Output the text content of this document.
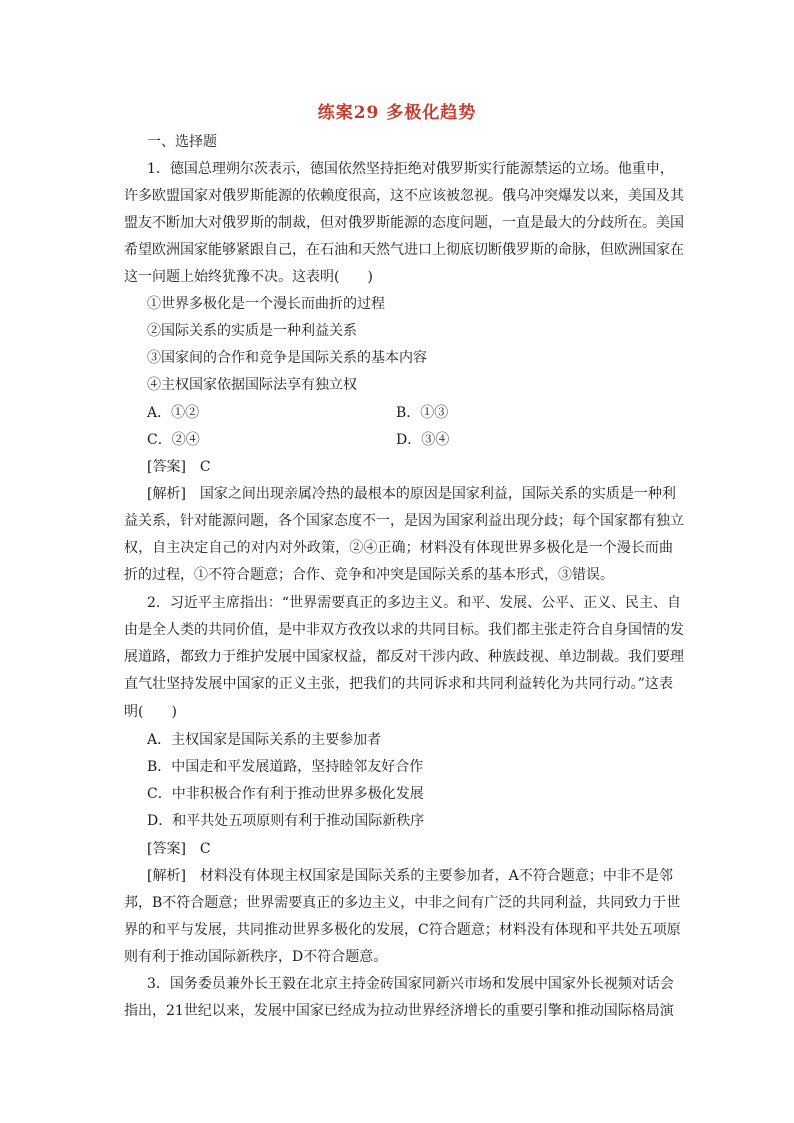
练案29 多极化趋势
一、选择题
1．德国总理朔尔茨表示，德国依然坚持拒绝对俄罗斯实行能源禁运的立场。他重申，
许多欧盟国家对俄罗斯能源的依赖度很高，这不应该被忽视。俄乌冲突爆发以来，美国及其
盟友不断加大对俄罗斯的制裁，但对俄罗斯能源的态度问题，一直是最大的分歧所在。美国
希望欧洲国家能够紧跟自己，在石油和天然气进口上彻底切断俄罗斯的命脉，但欧洲国家在
这一问题上始终犹豫不决。这表明(　　)
①世界多极化是一个漫长而曲折的过程
②国际关系的实质是一种利益关系
③国家间的合作和竞争是国际关系的基本内容
④主权国家依据国际法享有独立权
A．①②	B．①③
C．②④	D．③④
[答案]　C
[解析]　国家之间出现亲属冷热的最根本的原因是国家利益，国际关系的实质是一种利
益关系，针对能源问题，各个国家态度不一，是因为国家利益出现分歧；每个国家都有独立
权，自主决定自己的对内对外政策，②④正确；材料没有体现世界多极化是一个漫长而曲
折的过程，①不符合题意；合作、竞争和冲突是国际关系的基本形式，③错误。
2．习近平主席指出：“世界需要真正的多边主义。和平、发展、公平、正义、民主、自
由是全人类的共同价值，是中非双方孜孜以求的共同目标。我们都主张走符合自身国情的发
展道路，都致力于维护发展中国家权益，都反对干涉内政、种族歧视、单边制裁。我们要理
直气壮坚持发展中国家的正义主张，把我们的共同诉求和共同利益转化为共同行动。”这表
明(　　)
A．主权国家是国际关系的主要参加者
B．中国走和平发展道路，坚持睦邻友好合作
C．中非积极合作有利于推动世界多极化发展
D．和平共处五项原则有利于推动国际新秩序
[答案]　C
[解析]　材料没有体现主权国家是国际关系的主要参加者，A不符合题意；中非不是邻
邦，B不符合题意；世界需要真正的多边主义，中非之间有广泛的共同利益，共同致力于世
界的和平与发展，共同推动世界多极化的发展，C符合题意；材料没有体现和平共处五项原
则有利于推动国际新秩序，D不符合题意。
3．国务委员兼外长王毅在北京主持金砖国家同新兴市场和发展中国家外长视频对话会
指出，21世纪以来，发展中国家已经成为拉动世界经济增长的重要引擎和推动国际格局演
